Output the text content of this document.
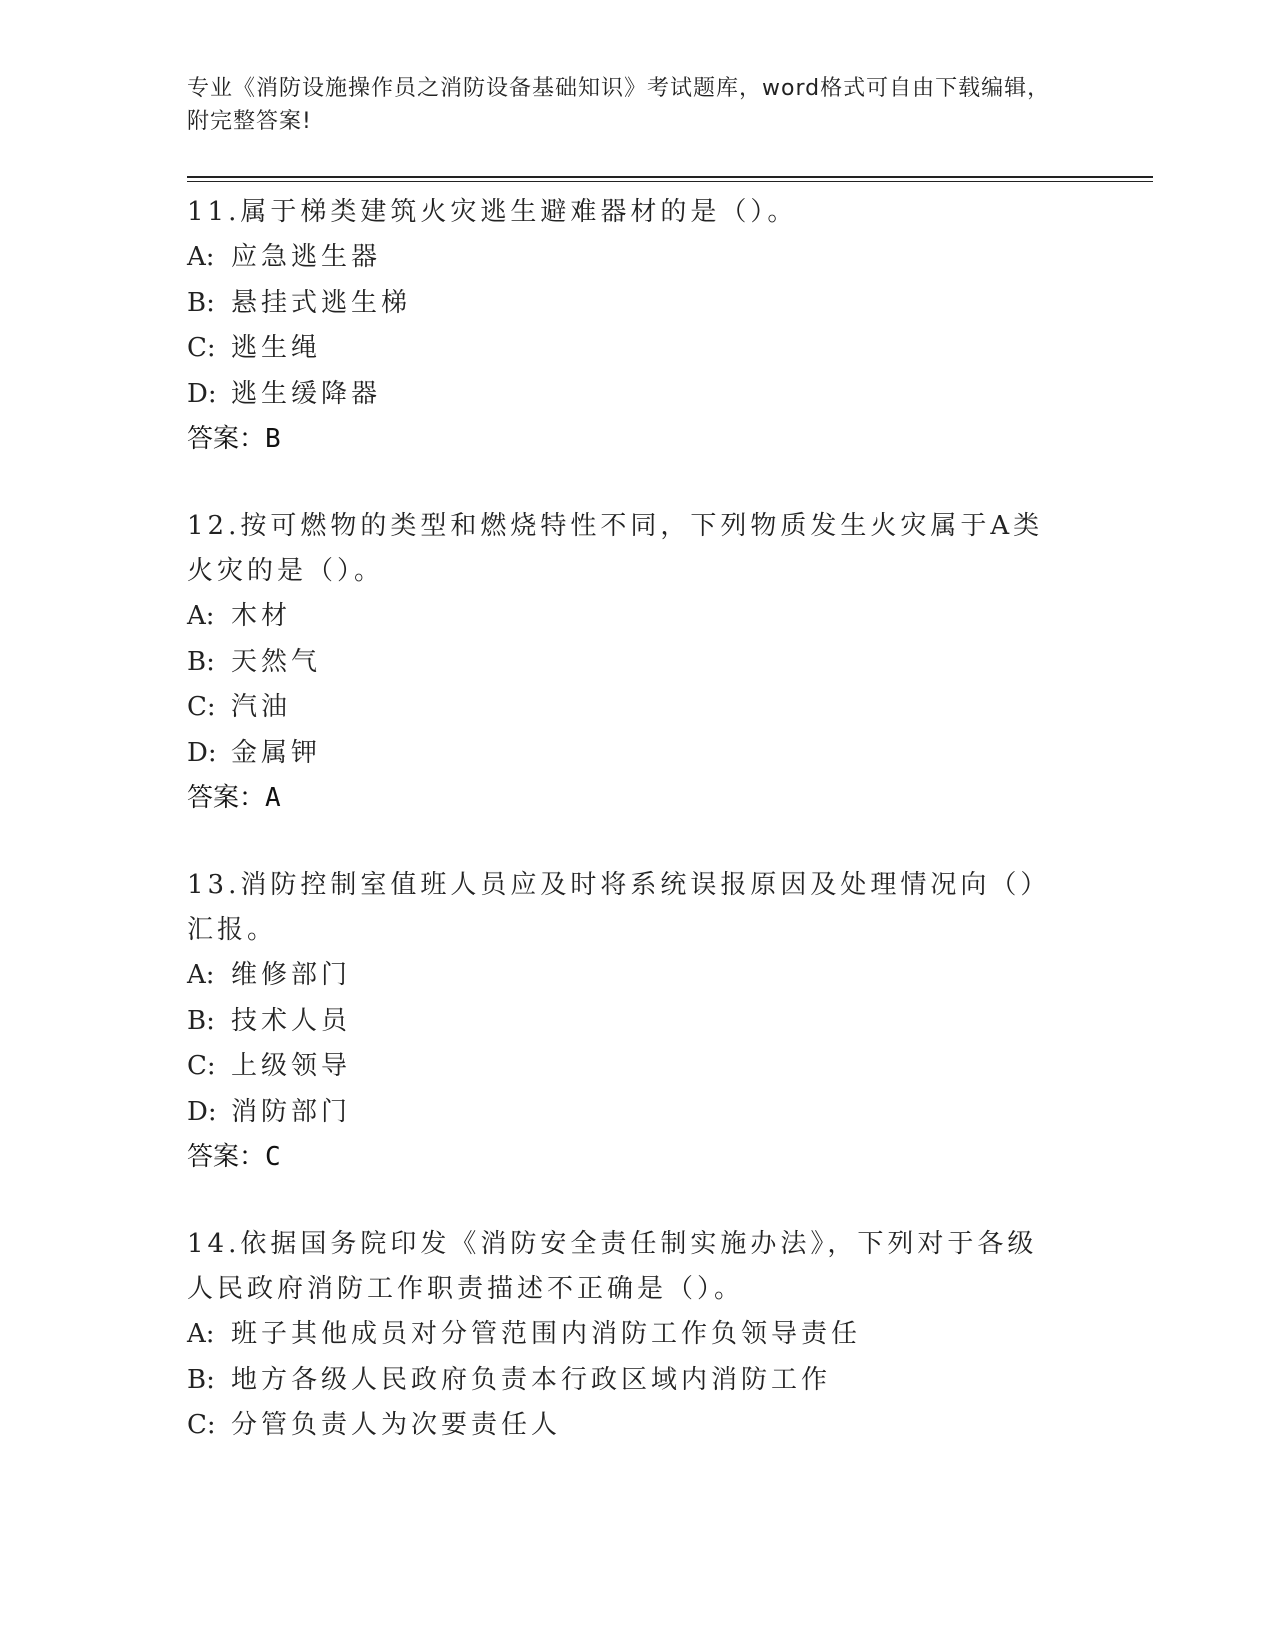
专业《消防设施操作员之消防设备基础知识》考试题库，word格式可自由下载编辑，附完整答案!

11.属于梯类建筑火灾逃生避难器材的是（）。

A: 应急逃生器
B: 悬挂式逃生梯
C: 逃生绳
D: 逃生缓降器
答案：B

12.按可燃物的类型和燃烧特性不同，下列物质发生火灾属于A类火灾的是（）。

A: 木材
B: 天然气
C: 汽油
D: 金属钾
答案：A

13.消防控制室值班人员应及时将系统误报原因及处理情况向（）汇报。

A: 维修部门
B: 技术人员
C: 上级领导
D: 消防部门
答案：C

14.依据国务院印发《消防安全责任制实施办法》，下列对于各级人民政府消防工作职责描述不正确是（）。

A: 班子其他成员对分管范围内消防工作负领导责任
B: 地方各级人民政府负责本行政区域内消防工作
C: 分管负责人为次要责任人
